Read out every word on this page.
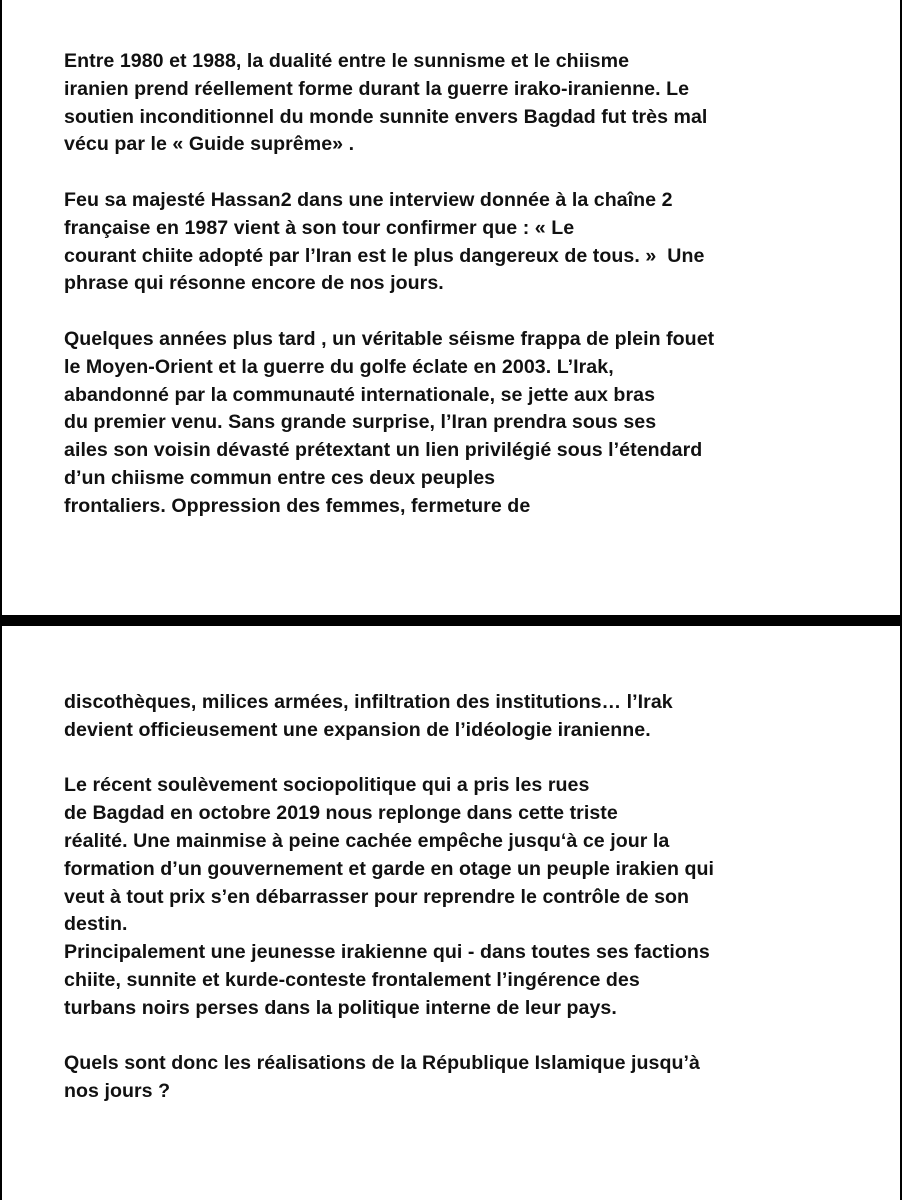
Entre 1980 et 1988, la dualité entre le sunnisme et le chiisme
iranien prend réellement forme durant la guerre irako-iranienne. Le
soutien inconditionnel du monde sunnite envers Bagdad fut très mal
vécu par le « Guide suprême» .
Feu sa majesté Hassan2 dans une interview donnée à la chaîne 2
française en 1987 vient à son tour confirmer que : « Le
courant chiite adopté par l’Iran est le plus dangereux de tous. »  Une
phrase qui résonne encore de nos jours.
Quelques années plus tard , un véritable séisme frappa de plein fouet
le Moyen-Orient et la guerre du golfe éclate en 2003. L’Irak,
abandonné par la communauté internationale, se jette aux bras
du premier venu. Sans grande surprise, l’Iran prendra sous ses
ailes son voisin dévasté prétextant un lien privilégié sous l’étendard
d’un chiisme commun entre ces deux peuples
frontaliers. Oppression des femmes, fermeture de
discothèques, milices armées, infiltration des institutions… l’Irak
devient officieusement une expansion de l’idéologie iranienne.
Le récent soulèvement sociopolitique qui a pris les rues
de Bagdad en octobre 2019 nous replonge dans cette triste
réalité. Une mainmise à peine cachée empêche jusqu‘à ce jour la
formation d’un gouvernement et garde en otage un peuple irakien qui
veut à tout prix s’en débarrasser pour reprendre le contrôle de son
destin.
Principalement une jeunesse irakienne qui - dans toutes ses factions
chiite, sunnite et kurde-conteste frontalement l’ingérence des
turbans noirs perses dans la politique interne de leur pays.
Quels sont donc les réalisations de la République Islamique jusqu’à
nos jours ?
